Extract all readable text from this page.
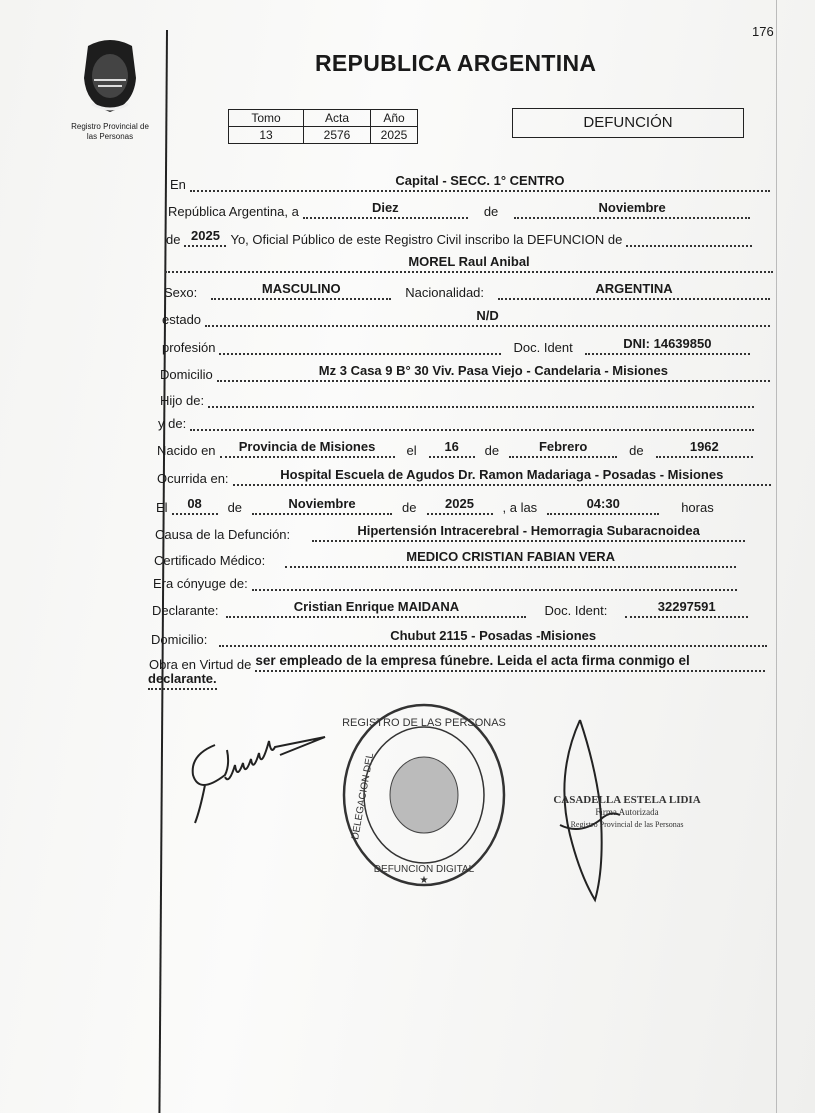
176
Registro Provincial de
las Personas
REPUBLICA ARGENTINA
Tomo	Acta	Año
13	2576	2025
DEFUNCIÓN
En	Capital - SECC. 1° CENTRO
República Argentina, a	Diez	de	Noviembre
de 2025 Yo, Oficial Público de este Registro Civil inscribo la DEFUNCION de
MOREL Raul Anibal
Sexo:	MASCULINO	Nacionalidad:	ARGENTINA
estado	N/D
profesión	Doc. Ident	DNI: 14639850
Domicilio	Mz 3 Casa 9 B° 30 Viv. Pasa Viejo - Candelaria - Misiones
Hijo de:
y de:
Nacido en	Provincia de Misiones	el	16	de	Febrero	de	1962
Ocurrida en:	Hospital Escuela de Agudos Dr. Ramon Madariaga - Posadas - Misiones
El	08	de	Noviembre	de	2025	, a las	04:30	horas
Causa de la Defunción:	Hipertensión Intracerebral - Hemorragia Subaracnoidea
Certificado Médico:	MEDICO CRISTIAN FABIAN VERA
Era cónyuge de:
Declarante:	Cristian Enrique MAIDANA	Doc. Ident:	32297591
Domicilio:	Chubut 2115 - Posadas -Misiones
Obra en Virtud de ser empleado de la empresa fúnebre. Leida el acta firma conmigo el
declarante.
REGISTRO DE LAS PERSONAS
DEFUNCION DIGITAL
DELEGACION DEL
★
CASADELLA ESTELA LIDIA
Firma Autorizada
Registro Provincial de las Personas
